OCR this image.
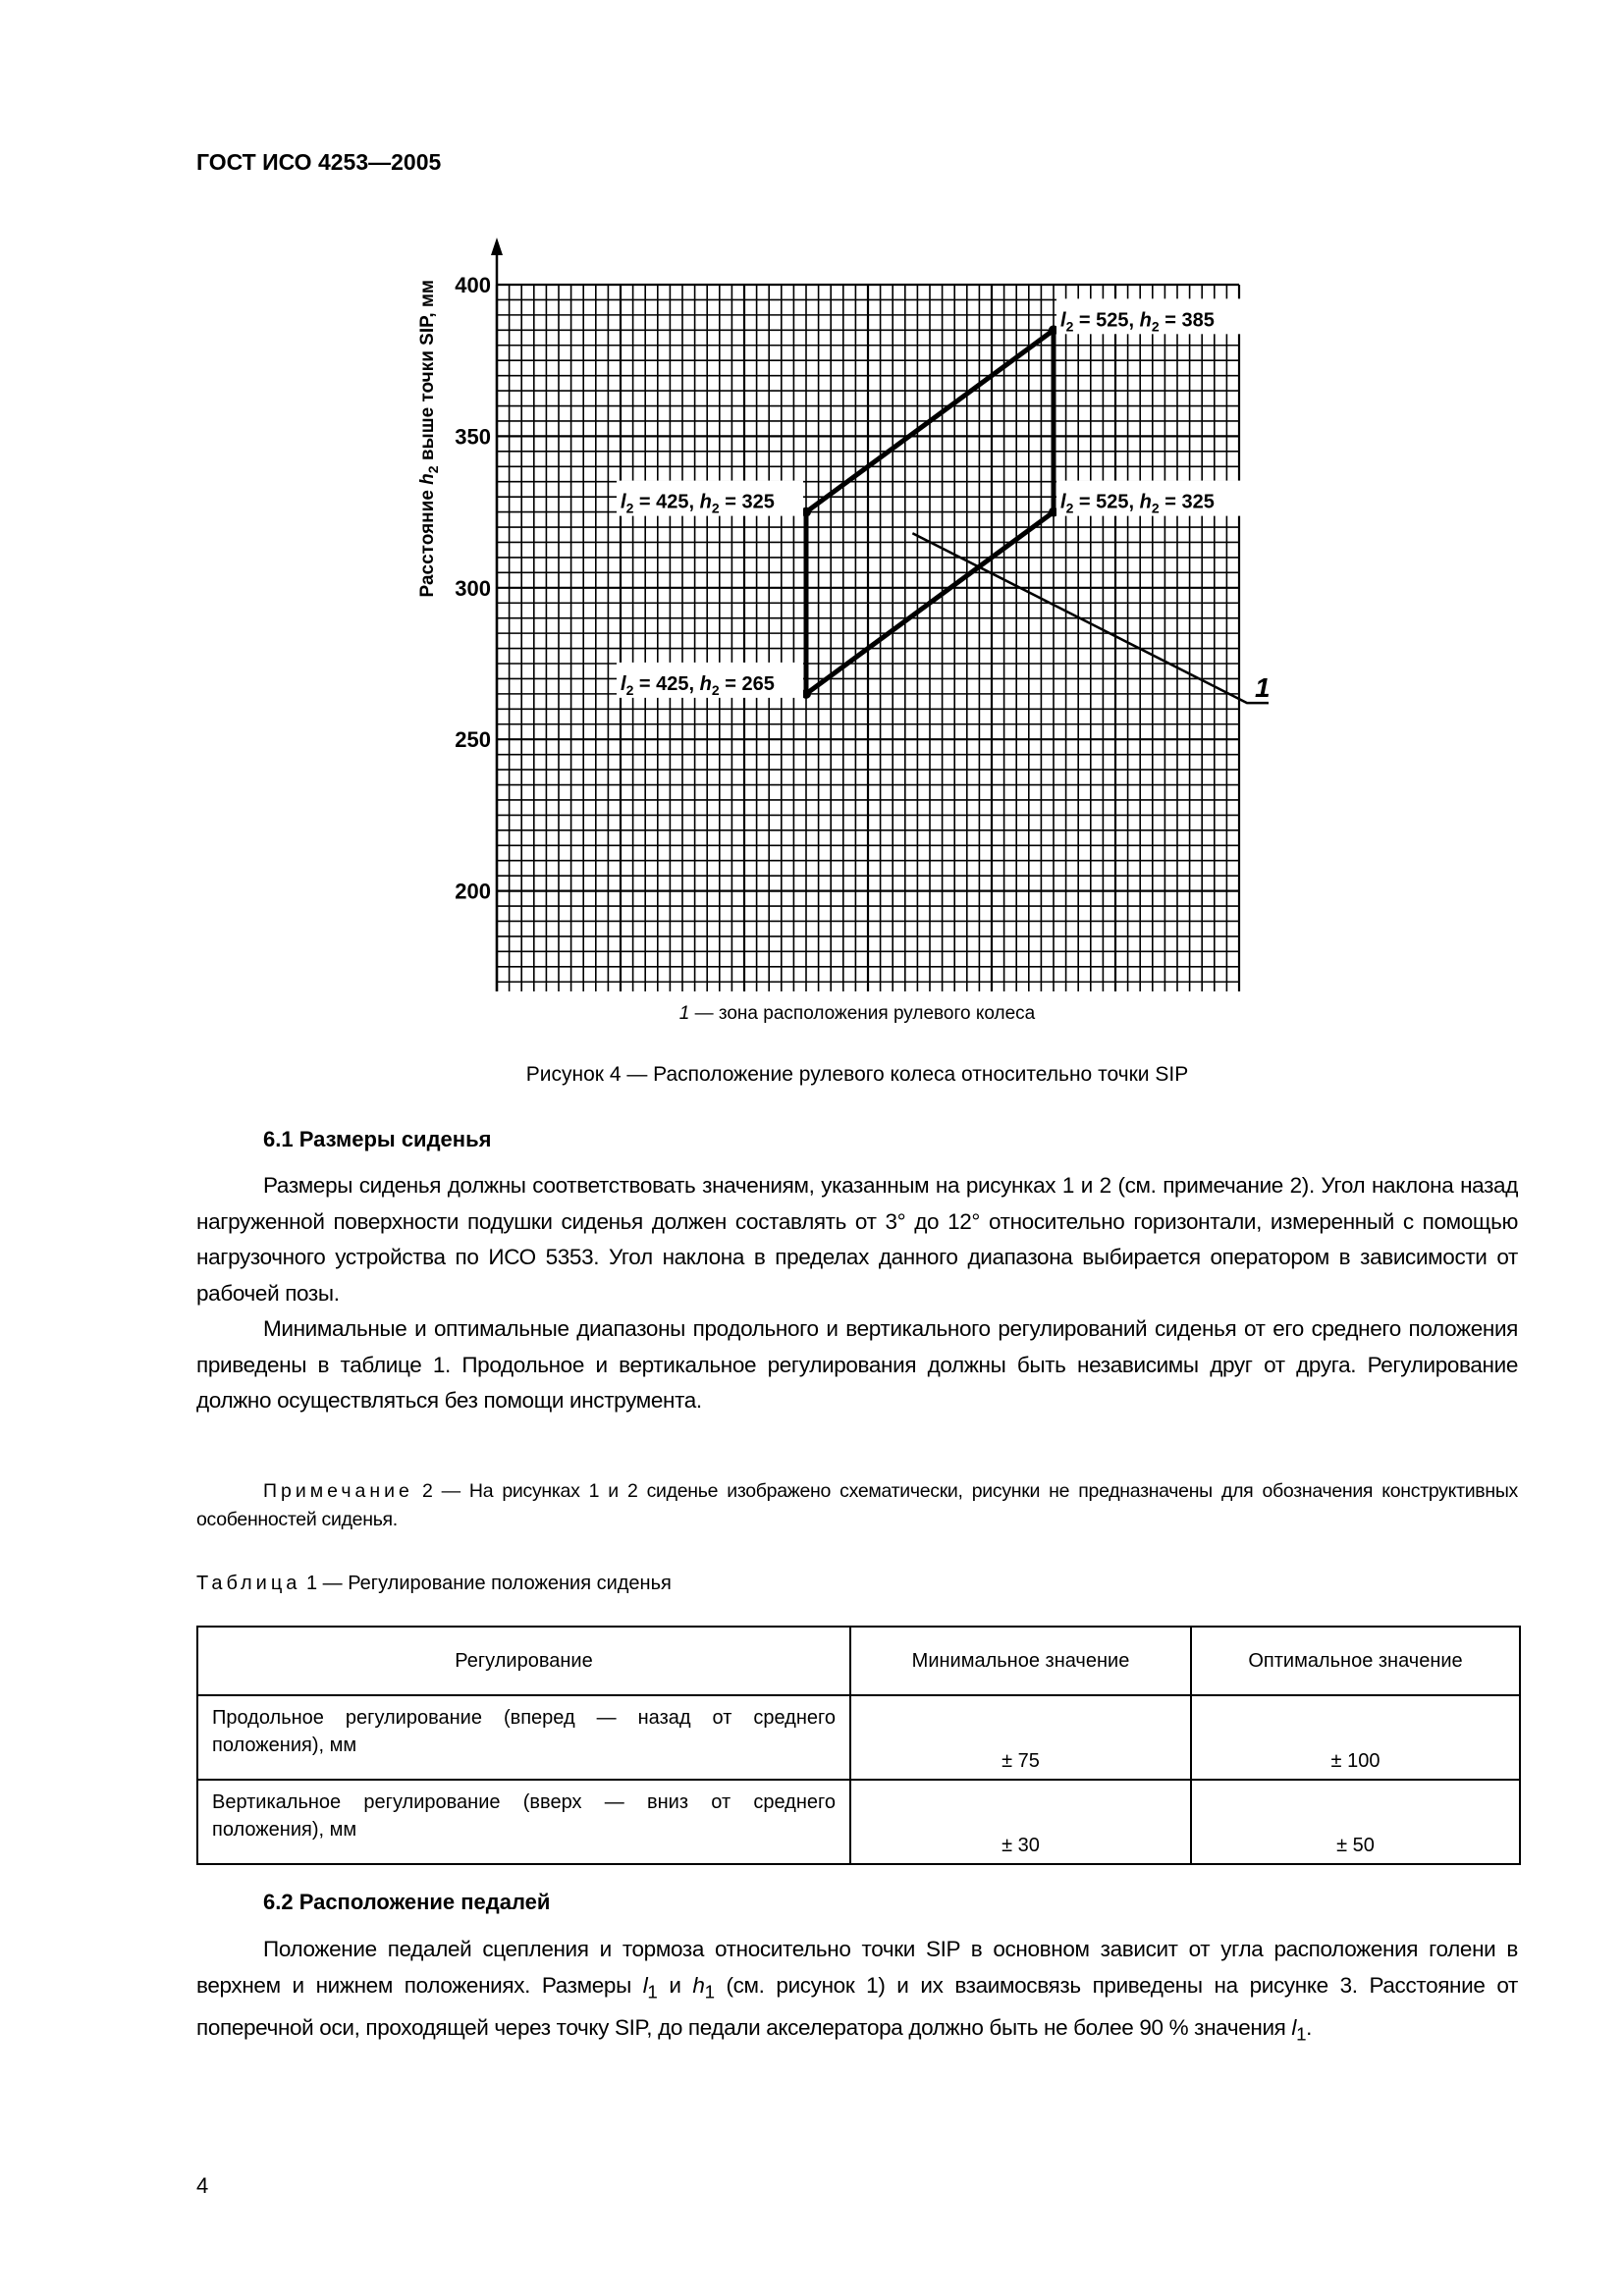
ГОСТ ИСО 4253—2005
200
250
300
350
400
Расстояние $h_2$ выше точки SIP, мм
1
$l_2 = 425$, $h_2 = 325$
$l_2 = 425$, $h_2 = 265$
$l_2 = 525$, $h_2 = 385$
$l_2 = 525$, $h_2 = 325$
1 — зона расположения рулевого колеса
Рисунок 4 — Расположение рулевого колеса относительно точки SIP
6.1 Размеры сиденья

Размеры сиденья должны соответствовать значениям, указанным на рисунках 1 и 2 (см. примечание 2). Угол наклона назад нагруженной поверхности подушки сиденья должен составлять от 3° до 12° относительно горизонтали, измеренный с помощью нагрузочного устройства по ИСО 5353. Угол наклона в пределах данного диапазона выбирается оператором в зависимости от рабочей позы.

Минимальные и оптимальные диапазоны продольного и вертикального регулирований сиденья от его среднего положения приведены в таблице 1. Продольное и вертикальное регулирования должны быть независимы друг от друга. Регулирование должно осуществляться без помощи инструмента.

Примечание 2 — На рисунках 1 и 2 сиденье изображено схематически, рисунки не предназначены для обозначения конструктивных особенностей сиденья.
Таблица 1 — Регулирование положения сиденья
Регулирование	Минимальное значение	Оптимальное значение
Продольное регулирование (вперед — назад от среднего положения), мм	± 75	± 100
Вертикальное регулирование (вверх — вниз от среднего положения), мм	± 30	± 50
6.2 Расположение педалей

Положение педалей сцепления и тормоза относительно точки SIP в основном зависит от угла расположения голени в верхнем и нижнем положениях. Размеры $l_1$ и $h_1$ (см. рисунок 1) и их взаимосвязь приведены на рисунке 3. Расстояние от поперечной оси, проходящей через точку SIP, до педали акселератора должно быть не более 90 % значения $l_1$.

4
